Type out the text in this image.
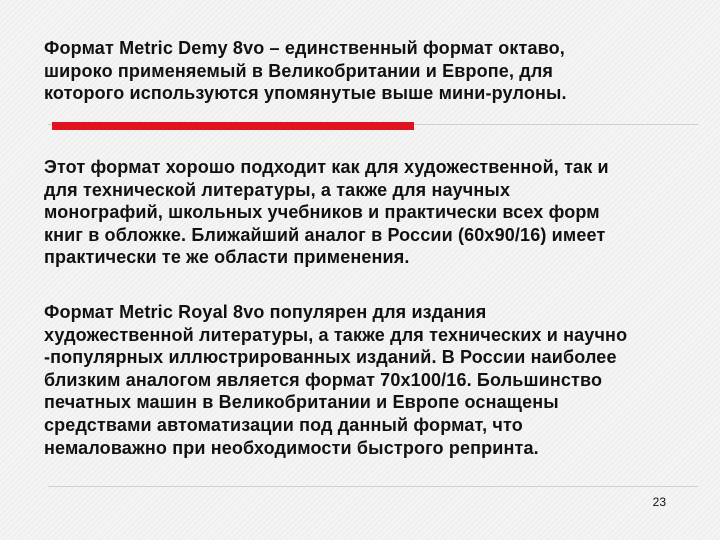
Формат Metric Demy 8vo – единственный формат октаво,
широко применяемый в Великобритании и Европе, для
которого используются упомянутые выше мини-рулоны.

Этот формат хорошо подходит как для художественной, так и
для технической литературы, а также для научных
монографий, школьных учебников и практически всех форм
книг в обложке. Ближайший аналог в России (60х90/16) имеет
практически те же области применения.

Формат Metric Royal 8vo популярен для издания
художественной литературы, а также для технических и научно
-популярных иллюстрированных изданий. В России наиболее
близким аналогом является формат 70х100/16. Большинство
печатных машин в Великобритании и Европе оснащены
средствами автоматизации под данный формат, что
немаловажно при необходимости быстрого репринта.

23
